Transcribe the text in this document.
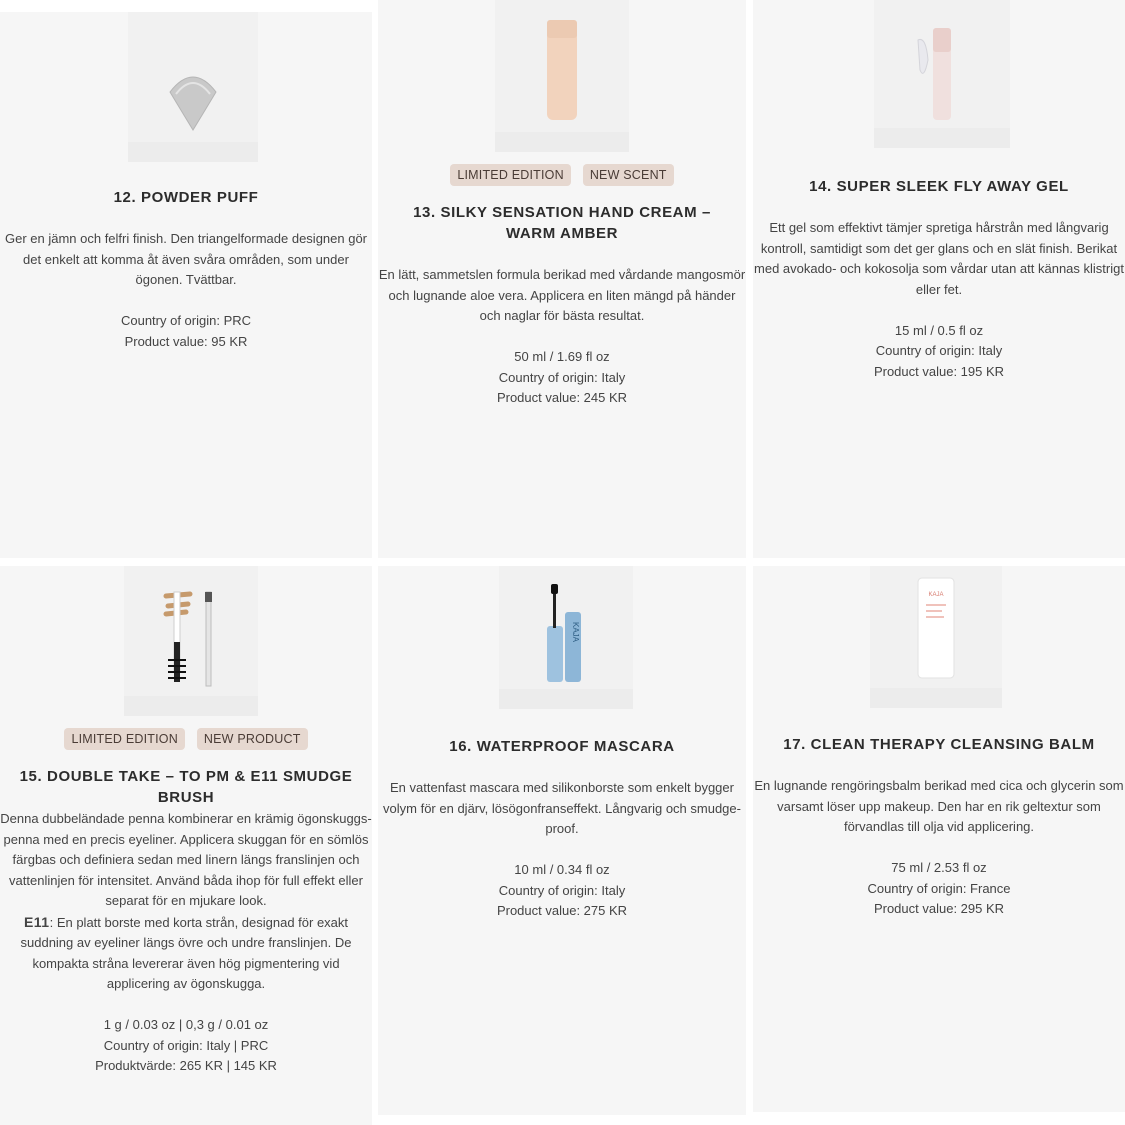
12. POWDER PUFF

Ger en jämn och felfri finish. Den triangelformade designen gör det enkelt att komma åt även svåra områden, som under ögonen. Tvättbar.

Country of origin: PRC

Product value: 95 KR

LIMITED EDITION	NEW SCENT
13. SILKY SENSATION HAND CREAM – WARM AMBER

En lätt, sammetslen formula berikad med vårdande mangosmör och lugnande aloe vera. Applicera en liten mängd på händer och naglar för bästa resultat.

50 ml / 1.69 fl oz

Country of origin: Italy

Product value: 245 KR

14. SUPER SLEEK FLY AWAY GEL

Ett gel som effektivt tämjer spretiga hårstrån med långvarig kontroll, samtidigt som det ger glans och en slät finish. Berikat med avokado- och kokosolja som vårdar utan att kännas klistrigt eller fet.

15 ml / 0.5 fl oz

Country of origin: Italy

Product value: 195 KR

LIMITED EDITION	NEW PRODUCT
15. DOUBLE TAKE – TO PM & E11 SMUDGE BRUSH

Denna dubbeländade penna kombinerar en krämig ögonskuggs-penna med en precis eyeliner. Applicera skuggan för en sömlös färgbas och definiera sedan med linern längs franslinjen och vattenlinjen för intensitet. Använd båda ihop för full effekt eller separat för en mjukare look.

E11: En platt borste med korta strån, designad för exakt suddning av eyeliner längs övre och undre franslinjen. De kompakta stråna levererar även hög pigmentering vid applicering av ögonskugga.

1 g / 0.03 oz | 0,3 g / 0.01 oz

Country of origin: Italy | PRC

Produktvärde: 265 KR | 145 KR

KAJA
16. WATERPROOF MASCARA

En vattenfast mascara med silikonborste som enkelt bygger volym för en djärv, lösögonfranseffekt. Långvarig och smudge-proof.

10 ml / 0.34 fl oz

Country of origin: Italy

Product value: 275 KR

KAJA
17. CLEAN THERAPY CLEANSING BALM

En lugnande rengöringsbalm berikad med cica och glycerin som varsamt löser upp makeup. Den har en rik geltextur som förvandlas till olja vid applicering.

75 ml / 2.53 fl oz

Country of origin: France

Product value: 295 KR
